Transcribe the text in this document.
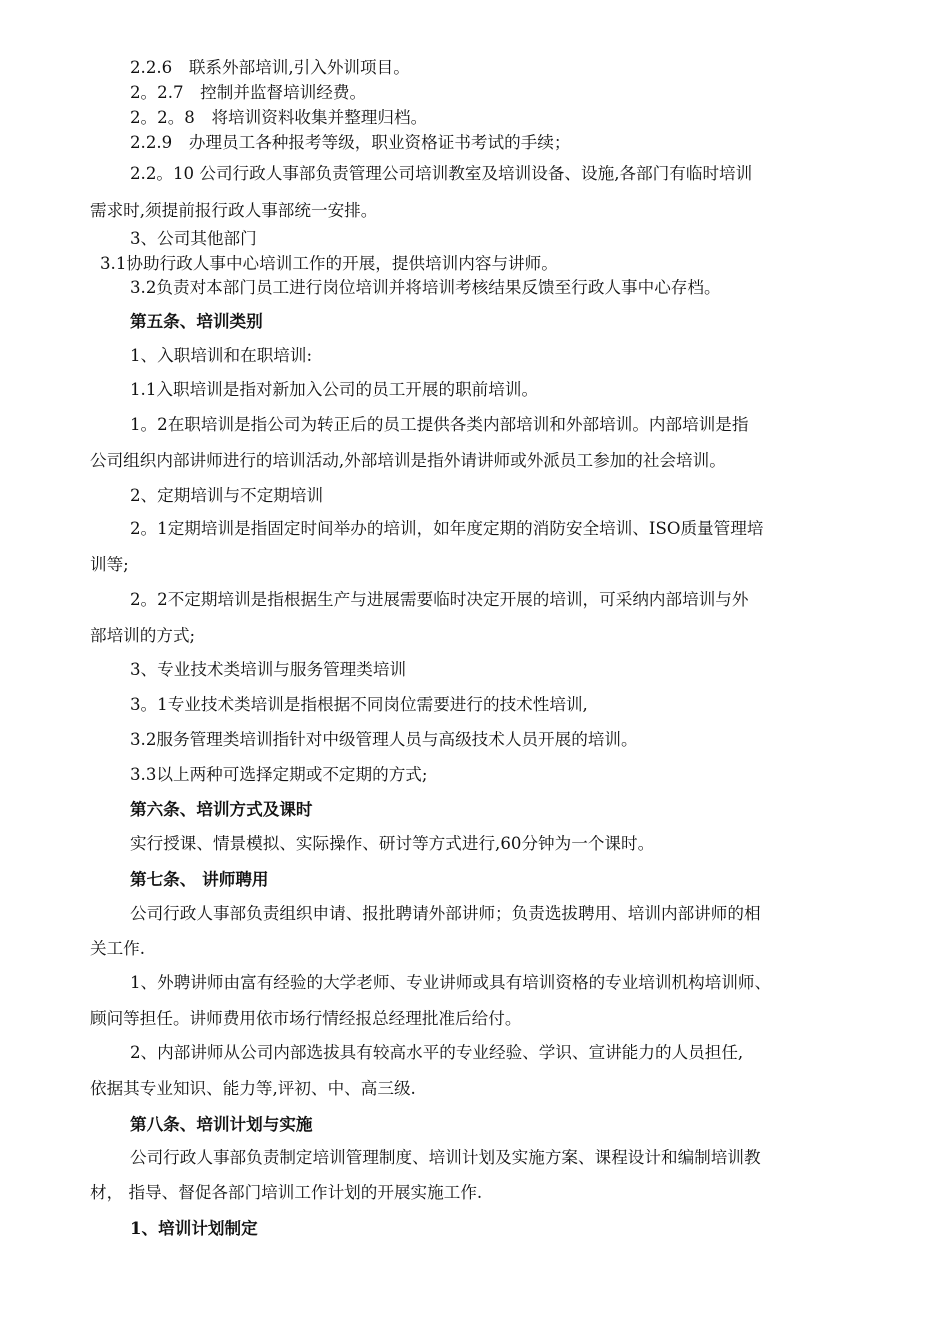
2.2.6　联系外部培训,引入外训项目。
2。2.7　控制并监督培训经费。
2。2。8　将培训资料收集并整理归档。
2.2.9　办理员工各种报考等级，职业资格证书考试的手续；
2.2。10 公司行政人事部负责管理公司培训教室及培训设备、设施,各部门有临时培训
需求时,须提前报行政人事部统一安排。
3、公司其他部门
3.1协助行政人事中心培训工作的开展，提供培训内容与讲师。
3.2负责对本部门员工进行岗位培训并将培训考核结果反馈至行政人事中心存档。
第五条、培训类别
1、入职培训和在职培训:
1.1入职培训是指对新加入公司的员工开展的职前培训。
1。2在职培训是指公司为转正后的员工提供各类内部培训和外部培训。内部培训是指
公司组织内部讲师进行的培训活动,外部培训是指外请讲师或外派员工参加的社会培训。
2、定期培训与不定期培训
2。1定期培训是指固定时间举办的培训，如年度定期的消防安全培训、ISO质量管理培
训等;
2。2不定期培训是指根据生产与进展需要临时决定开展的培训，可采纳内部培训与外
部培训的方式;
3、专业技术类培训与服务管理类培训
3。1专业技术类培训是指根据不同岗位需要进行的技术性培训,
3.2服务管理类培训指针对中级管理人员与高级技术人员开展的培训。
3.3以上两种可选择定期或不定期的方式;
第六条、培训方式及课时
实行授课、情景模拟、实际操作、研讨等方式进行,60分钟为一个课时。
第七条、 讲师聘用
公司行政人事部负责组织申请、报批聘请外部讲师；负责选拔聘用、培训内部讲师的相
关工作.
1、外聘讲师由富有经验的大学老师、专业讲师或具有培训资格的专业培训机构培训师、
顾问等担任。讲师费用依市场行情经报总经理批准后给付。
2、内部讲师从公司内部选拔具有较高水平的专业经验、学识、宣讲能力的人员担任,
依据其专业知识、能力等,评初、中、高三级.
第八条、培训计划与实施
公司行政人事部负责制定培训管理制度、培训计划及实施方案、课程设计和编制培训教
材， 指导、督促各部门培训工作计划的开展实施工作.
1、培训计划制定
